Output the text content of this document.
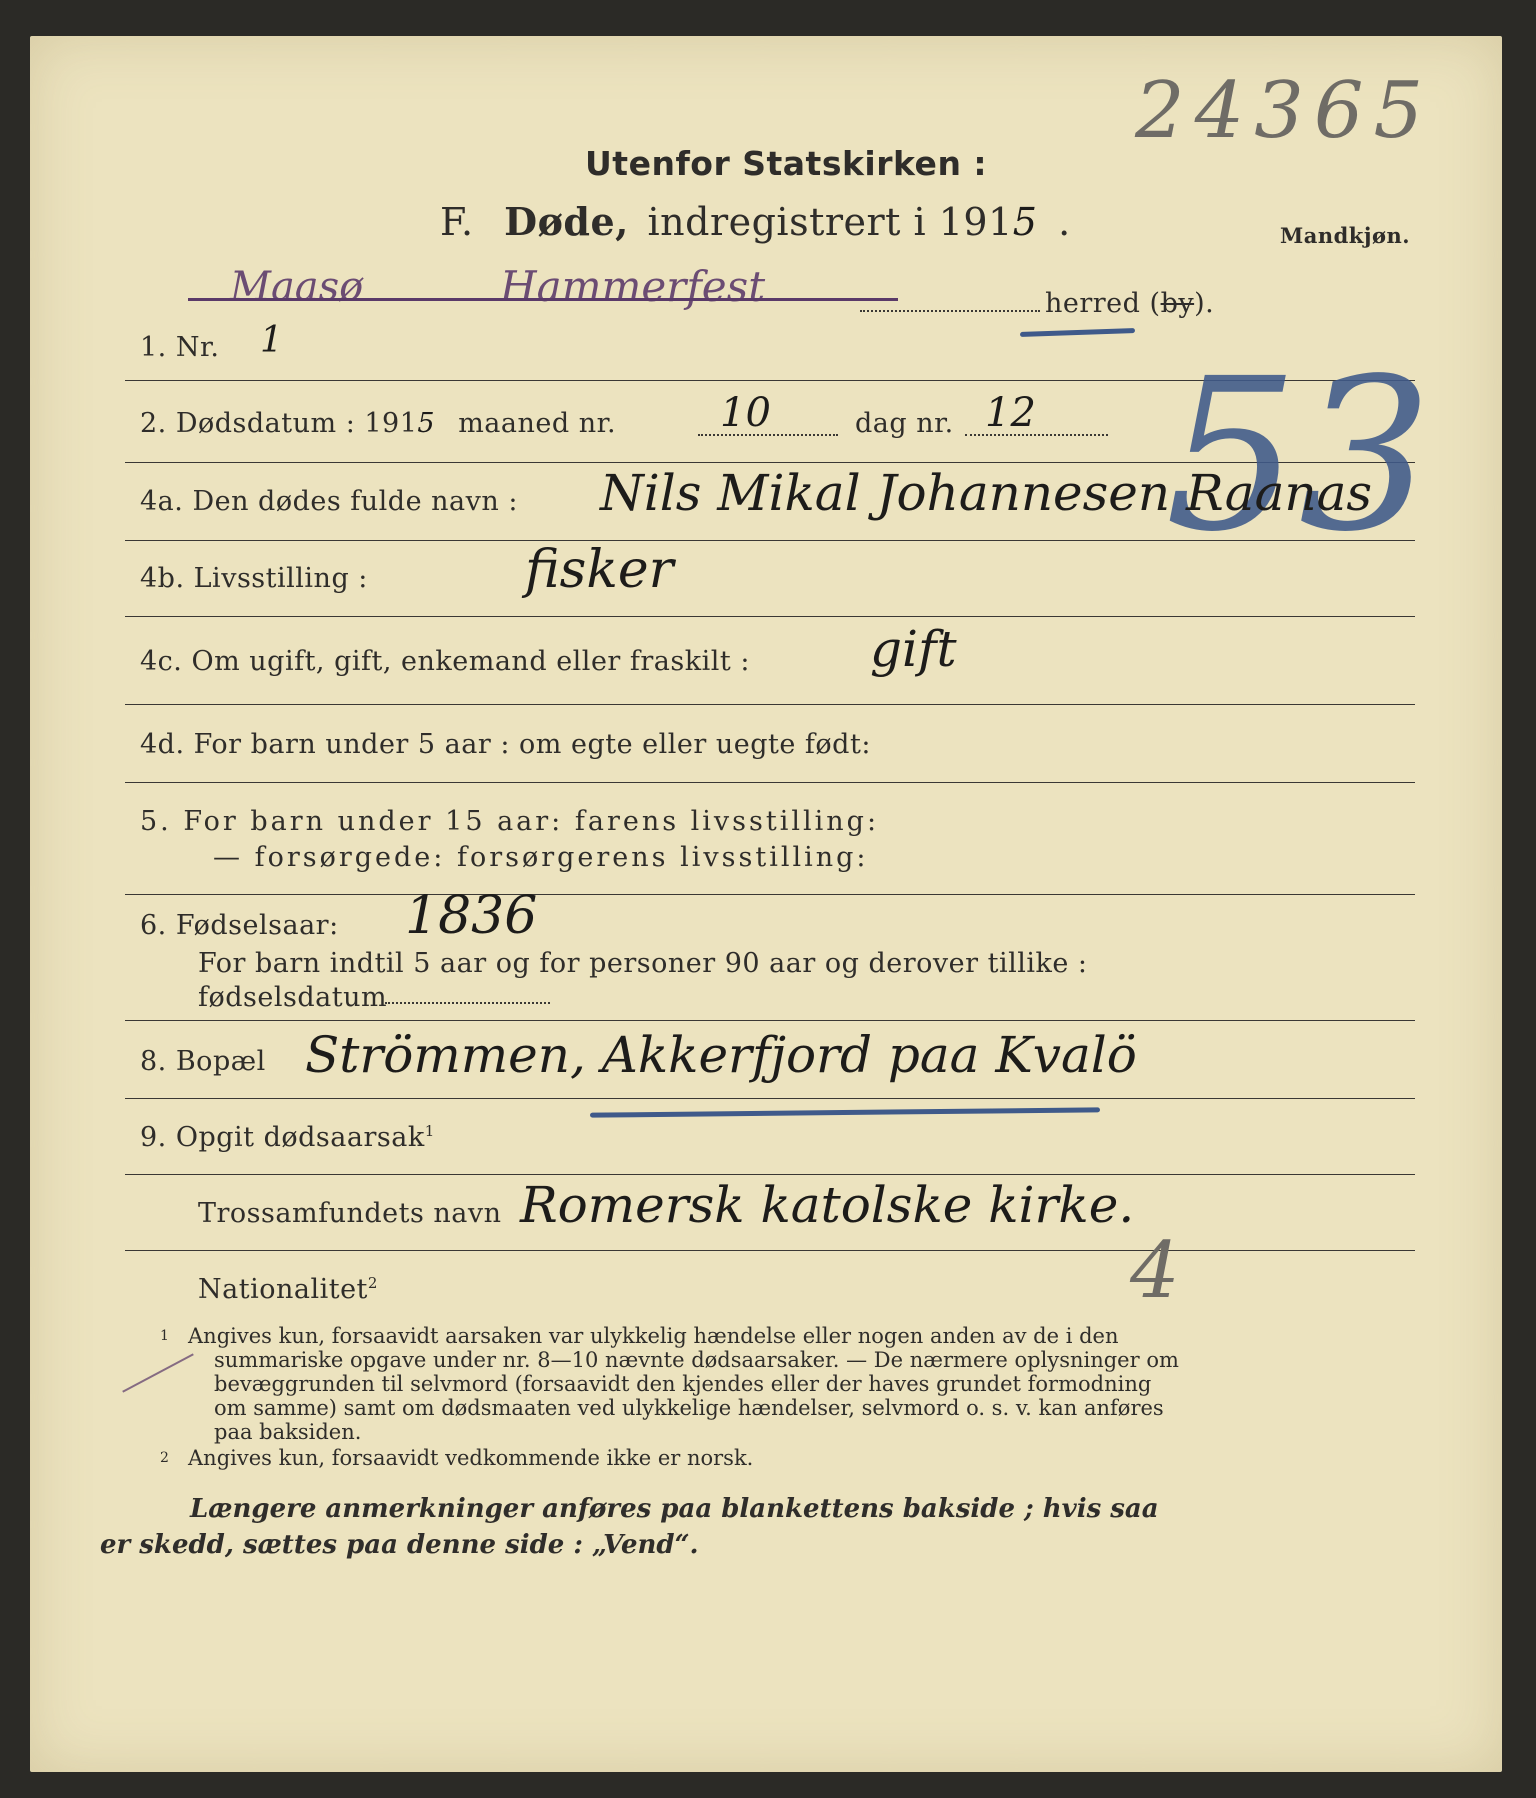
24365
Utenfor Statskirken :
F. Døde, indregistrert i 1915 .	Mandkjøn.
Maasø	Hammerfest	herred (by).
1. Nr. 1
2. Dødsdatum : 1915 maaned nr.	10	dag nr. 12 53
4a. Den dødes fulde navn : Nils Mikal Johannesen Raanas
4b. Livsstilling :	fisker
4c. Om ugift, gift, enkemand eller fraskilt : gift
4d. For barn under 5 aar : om egte eller uegte født:
5. For barn under 15 aar: farens livsstilling:
— forsørgede: forsørgerens livsstilling:
6. Fødselsaar: 1836
For barn indtil 5 aar og for personer 90 aar og derover tillike :
fødselsdatum
8. Bopæl Strömmen, Akkerfjord paa Kvalö
9. Opgit dødsaarsak$^1$
Trossamfundets navn Romersk katolske kirke.
4
Nationalitet$^2$
1 Angives kun, forsaavidt aarsaken var ulykkelig hændelse eller nogen anden av de i den
summariske opgave under nr. 8—10 nævnte dødsaarsaker. — De nærmere oplysninger om
bevæggrunden til selvmord (forsaavidt den kjendes eller der haves grundet formodning
om samme) samt om dødsmaaten ved ulykkelige hændelser, selvmord o. s. v. kan anføres
paa baksiden.
2 Angives kun, forsaavidt vedkommende ikke er norsk.
Længere anmerkninger anføres paa blankettens bakside ; hvis saa
er skedd, sættes paa denne side : „Vend“.
